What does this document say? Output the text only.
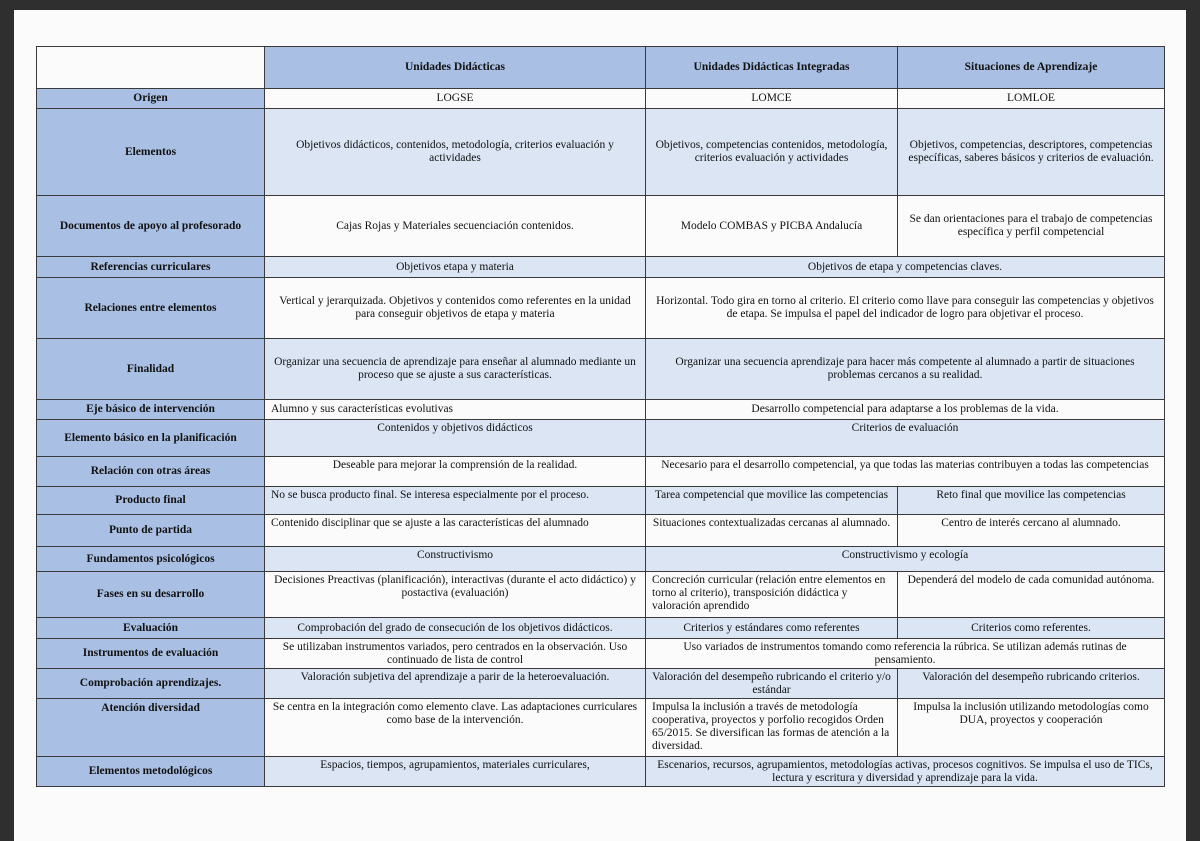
	Unidades Didácticas	Unidades Didácticas Integradas	Situaciones de Aprendizaje
Origen	LOGSE	LOMCE	LOMLOE
Elementos	Objetivos didácticos, contenidos, metodología, criterios evaluación y actividades	Objetivos, competencias contenidos, metodología, criterios evaluación y actividades	Objetivos, competencias, descriptores, competencias específicas, saberes básicos y criterios de evaluación.
Documentos de apoyo al profesorado	Cajas Rojas y Materiales secuenciación contenidos.	Modelo COMBAS y PICBA Andalucía	Se dan orientaciones para el trabajo de competencias específica y perfil competencial
Referencias curriculares	Objetivos etapa y materia	Objetivos de etapa y competencias claves.	
Relaciones entre elementos	Vertical y jerarquizada. Objetivos y contenidos como referentes en la unidad para conseguir objetivos de etapa y materia	Horizontal. Todo gira en torno al criterio. El criterio como llave para conseguir las competencias y objetivos de etapa. Se impulsa el papel del indicador de logro para objetivar el proceso.	
Finalidad	Organizar una secuencia de aprendizaje para enseñar al alumnado mediante un proceso que se ajuste a sus características.	Organizar una secuencia aprendizaje para hacer más competente al alumnado a partir de situaciones problemas cercanos a su realidad.	
Eje básico de intervención	Alumno y sus características evolutivas	Desarrollo competencial para adaptarse a los problemas de la vida.	
Elemento básico en la planificación	Contenidos y objetivos didácticos	Criterios de evaluación	
Relación con otras áreas	Deseable para mejorar la comprensión de la realidad.	Necesario para el desarrollo competencial, ya que todas las materias contribuyen a todas las competencias	
Producto final	No se busca producto final. Se interesa especialmente por el proceso.	Tarea competencial que movilice las competencias	Reto final que movilice las competencias
Punto de partida	Contenido disciplinar que se ajuste a las características del alumnado	Situaciones contextualizadas cercanas al alumnado.	Centro de interés cercano al alumnado.
Fundamentos psicológicos	Constructivismo	Constructivismo y ecología	
Fases en su desarrollo	Decisiones Preactivas (planificación), interactivas (durante el acto didáctico) y postactiva (evaluación)	Concreción curricular (relación entre elementos en torno al criterio), transposición didáctica y valoración aprendido	Dependerá del modelo de cada comunidad autónoma.
Evaluación	Comprobación del grado de consecución de los objetivos didácticos.	Criterios y estándares como referentes	Criterios como referentes.
Instrumentos de evaluación	Se utilizaban instrumentos variados, pero centrados en la observación. Uso continuado de lista de control	Uso variados de instrumentos tomando como referencia la rúbrica. Se utilizan además rutinas de pensamiento.	
Comprobación aprendizajes.	Valoración subjetiva del aprendizaje a parir de la heteroevaluación.	Valoración del desempeño rubricando el criterio y/o estándar	Valoración del desempeño rubricando criterios.
Atención diversidad	Se centra en la integración como elemento clave. Las adaptaciones curriculares como base de la intervención.	Impulsa la inclusión a través de metodología cooperativa, proyectos y porfolio recogidos Orden 65/2015. Se diversifican las formas de atención a la diversidad.	Impulsa la inclusión utilizando metodologías como DUA, proyectos y cooperación
Elementos metodológicos	Espacios, tiempos, agrupamientos, materiales curriculares,	Escenarios, recursos, agrupamientos, metodologías activas, procesos cognitivos. Se impulsa el uso de TICs, lectura y escritura y diversidad y aprendizaje para la vida.	
